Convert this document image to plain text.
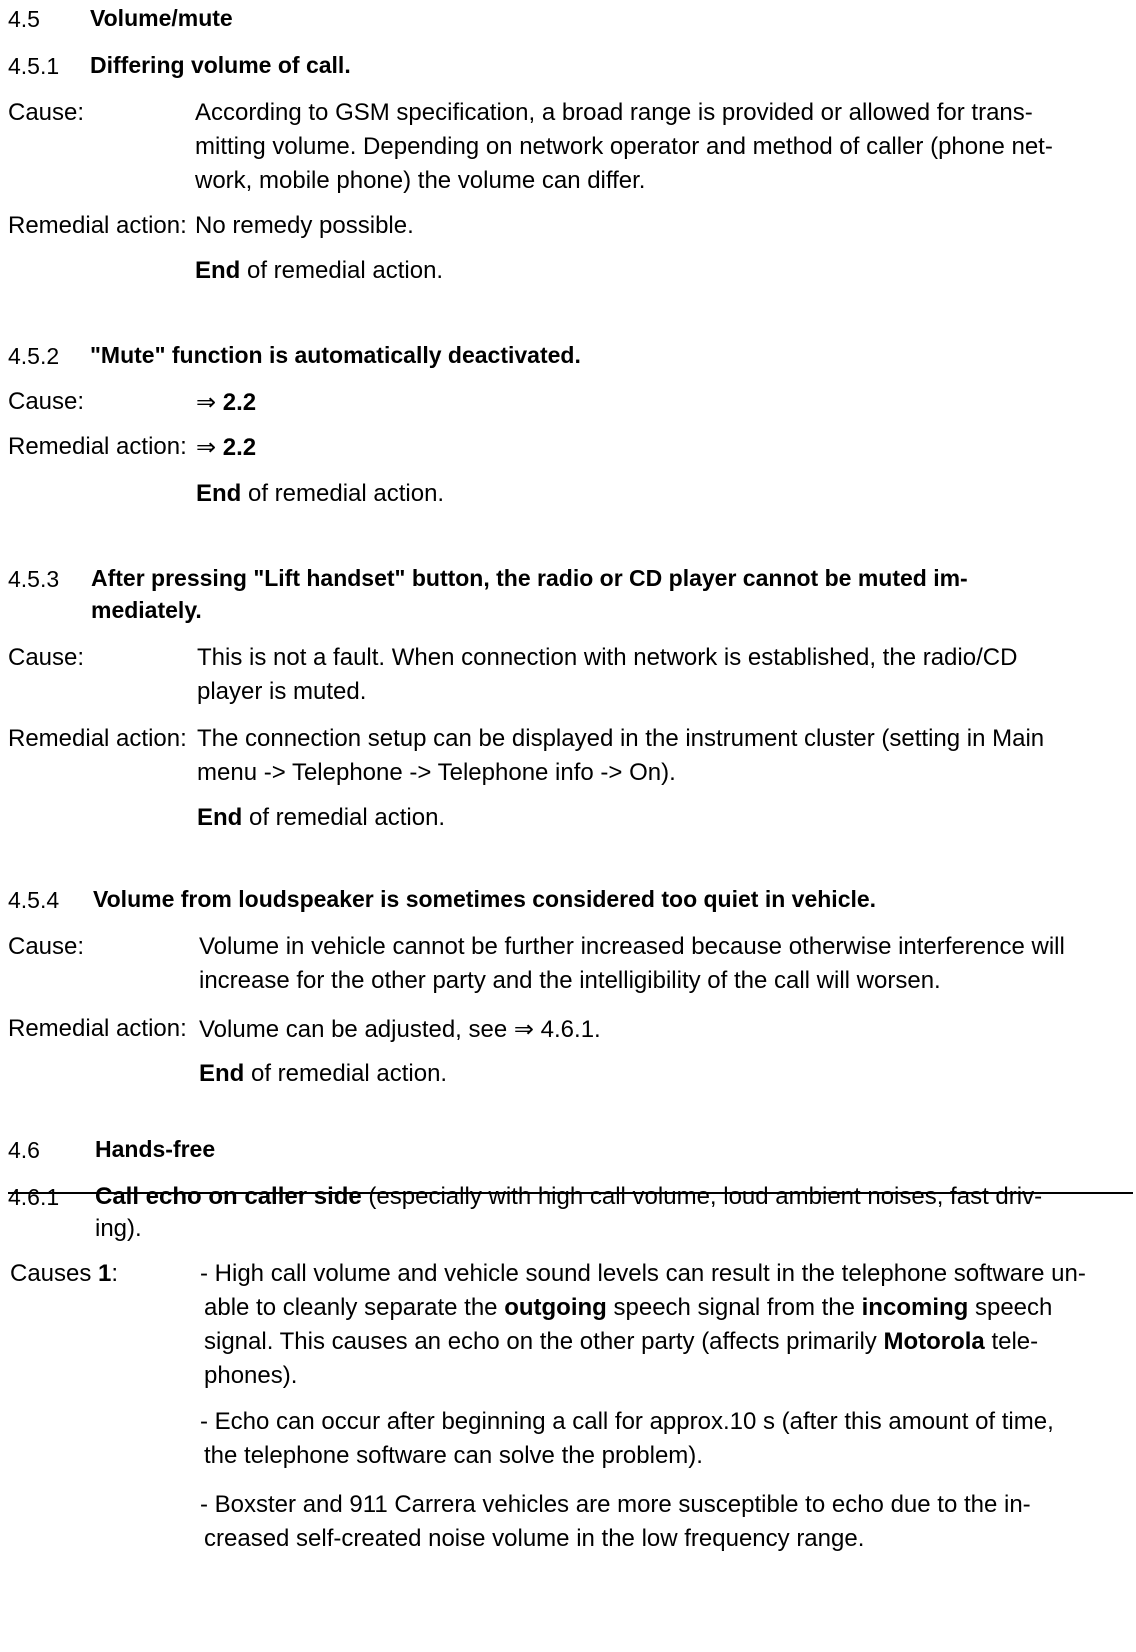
4.5 Volume/mute
4.5.1 Differing volume of call.
Cause:	According to GSM specification, a broad range is provided or allowed for trans-
mitting volume. Depending on network operator and method of caller (phone net-
work, mobile phone) the volume can differ.
Remedial action: No remedy possible.
End of remedial action.
4.5.2 "Mute" function is automatically deactivated.
Cause:	⇒ 2.2
Remedial action: ⇒ 2.2
End of remedial action.
4.5.3 After pressing "Lift handset" button, the radio or CD player cannot be muted im-
mediately.
Cause:	This is not a fault. When connection with network is established, the radio/CD
player is muted.
Remedial action: The connection setup can be displayed in the instrument cluster (setting in Main
menu -> Telephone -> Telephone info -> On).
End of remedial action.
4.5.4 Volume from loudspeaker is sometimes considered too quiet in vehicle.
Cause:	Volume in vehicle cannot be further increased because otherwise interference will
increase for the other party and the intelligibility of the call will worsen.
Remedial action: Volume can be adjusted, see ⇒ 4.6.1.
End of remedial action.
4.6 Hands-free
4.6.1 Call echo on caller side (especially with high call volume, loud ambient noises, fast driv-
ing).
Causes 1:	- High call volume and vehicle sound levels can result in the telephone software un-
able to cleanly separate the outgoing speech signal from the incoming speech
signal. This causes an echo on the other party (affects primarily Motorola tele-
phones).
- Echo can occur after beginning a call for approx.10 s (after this amount of time,
the telephone software can solve the problem).
- Boxster and 911 Carrera vehicles are more susceptible to echo due to the in-
creased self-created noise volume in the low frequency range.
